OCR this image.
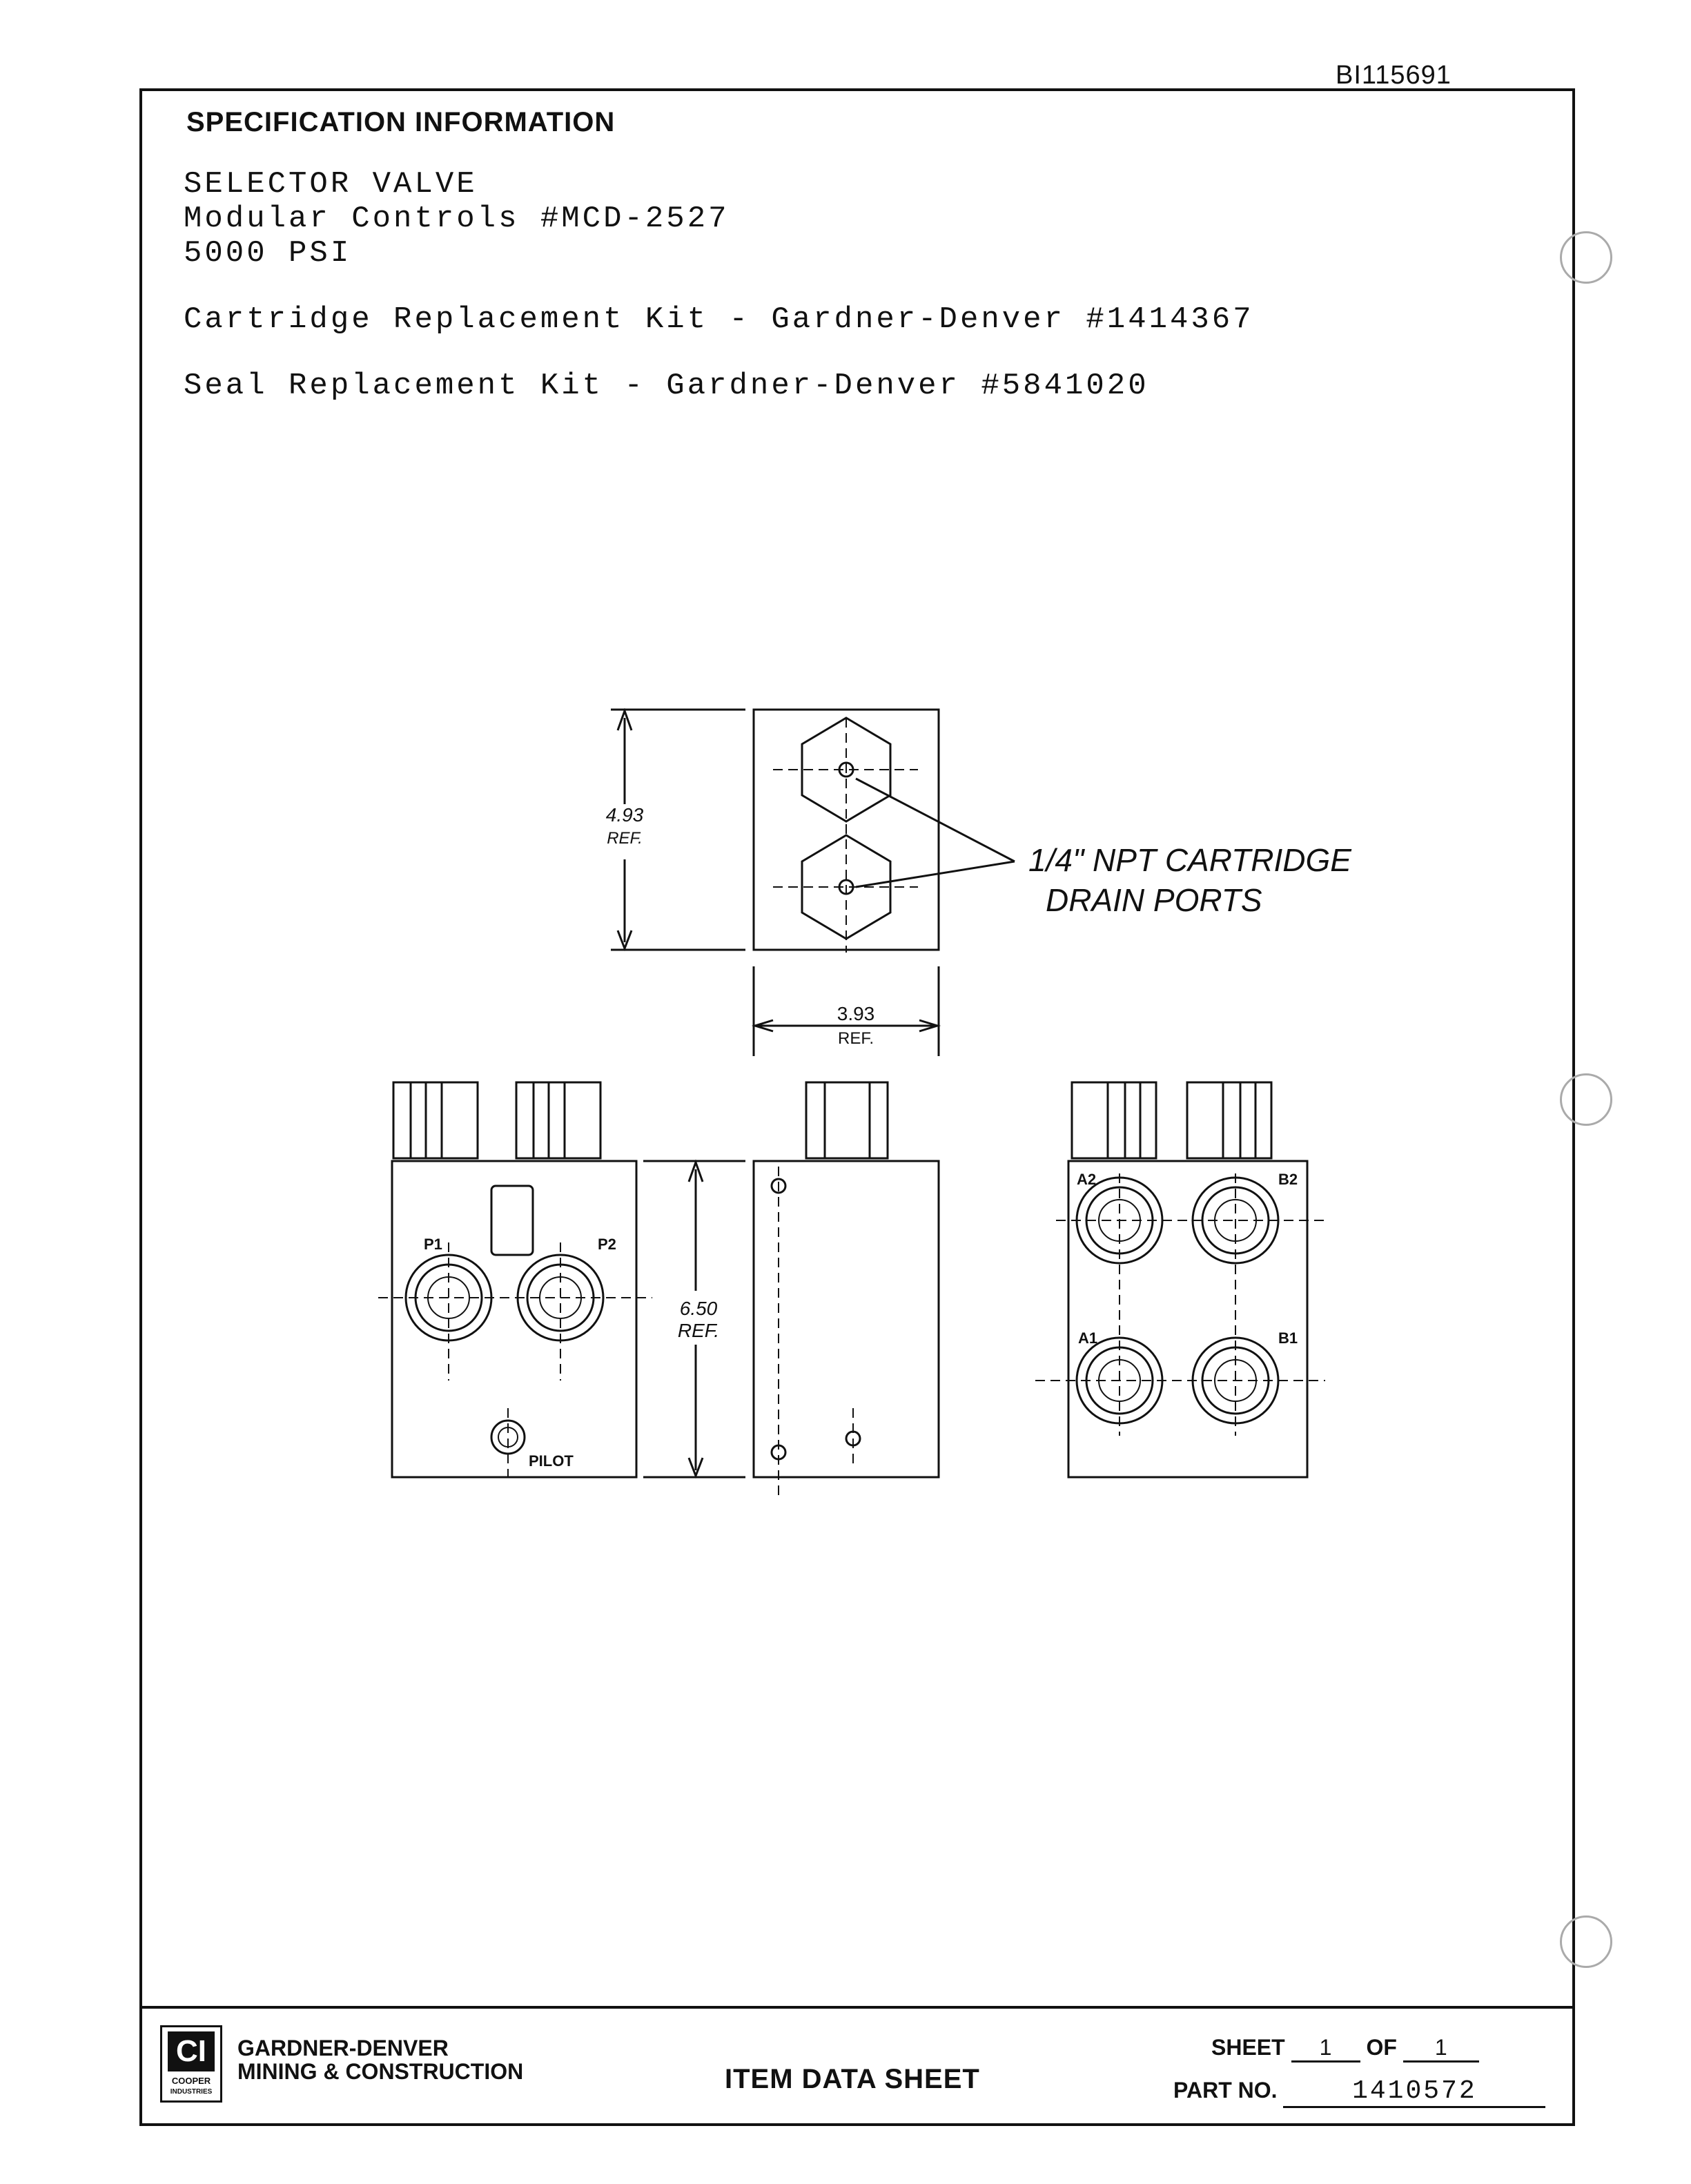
BI115691
SPECIFICATION INFORMATION
SELECTOR VALVE
Modular Controls #MCD-2527
5000 PSI
Cartridge Replacement Kit - Gardner-Denver #1414367
Seal Replacement Kit - Gardner-Denver #5841020
4.93
REF.
3.93
REF.
6.50
REF.
1/4" NPT CARTRIDGE
DRAIN PORTS
P1	P2
PILOT
A2	B2
A1	B1
CI
COOPER
INDUSTRIES
GARDNER-DENVER
MINING & CONSTRUCTION	ITEM DATA SHEET
SHEET 1 OF 1
PART NO.	1410572
